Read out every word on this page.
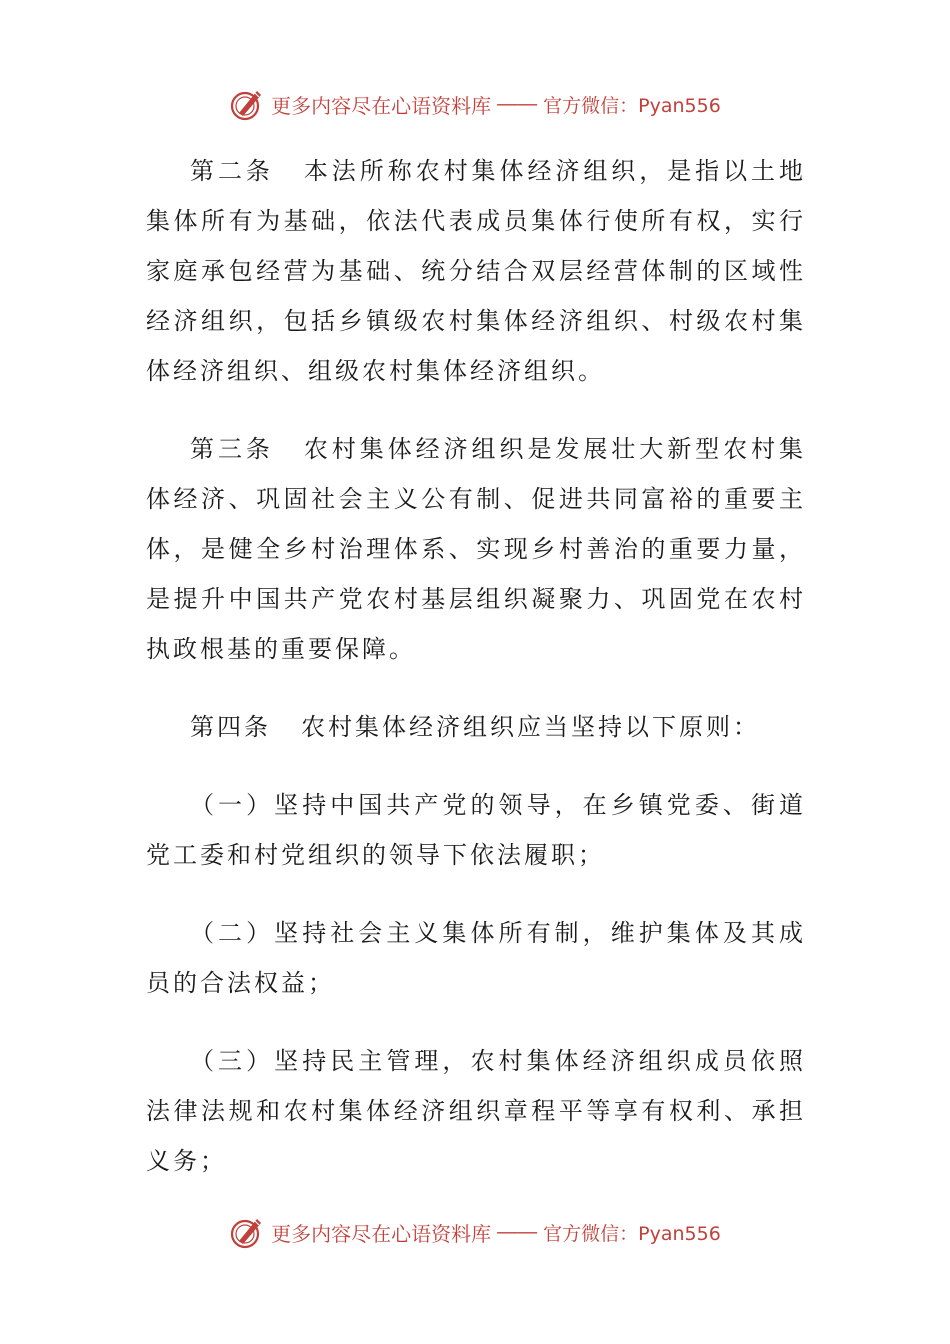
更多内容尽在心语资料库 —— 官方微信：Pyan556

第二条 本法所称农村集体经济组织，是指以土地集体所有为基础，依法代表成员集体行使所有权，实行家庭承包经营为基础、统分结合双层经营体制的区域性经济组织，包括乡镇级农村集体经济组织、村级农村集体经济组织、组级农村集体经济组织。

第三条 农村集体经济组织是发展壮大新型农村集体经济、巩固社会主义公有制、促进共同富裕的重要主体，是健全乡村治理体系、实现乡村善治的重要力量，是提升中国共产党农村基层组织凝聚力、巩固党在农村执政根基的重要保障。

第四条 农村集体经济组织应当坚持以下原则：

（一）坚持中国共产党的领导，在乡镇党委、街道党工委和村党组织的领导下依法履职；

（二）坚持社会主义集体所有制，维护集体及其成员的合法权益；

（三）坚持民主管理，农村集体经济组织成员依照法律法规和农村集体经济组织章程平等享有权利、承担义务；

更多内容尽在心语资料库 —— 官方微信：Pyan556
